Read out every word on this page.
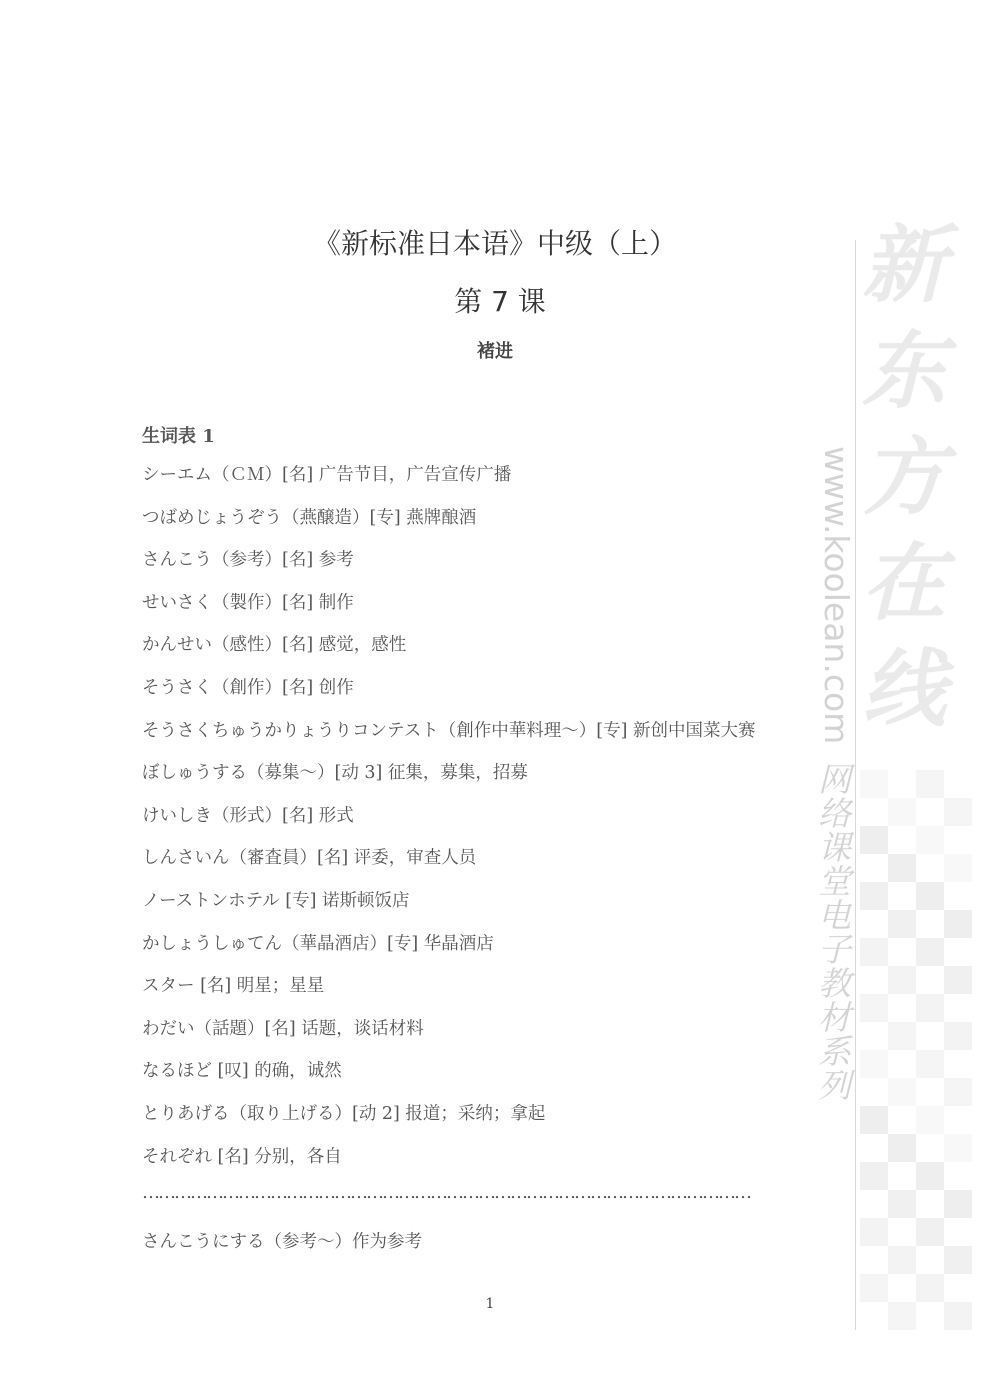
新东方在线
www.koolean.com
网络课堂电子教材系列
《新标准日本语》中级（上）
第 7 课
褚进
生词表 1
シーエム（ＣＭ）[名] 广告节目，广告宣传广播
つばめじょうぞう（燕醸造）[专] 燕牌酿酒
さんこう（参考）[名] 参考
せいさく（製作）[名] 制作
かんせい（感性）[名] 感觉，感性
そうさく（創作）[名] 创作
そうさくちゅうかりょうりコンテスト（創作中華料理～）[专] 新创中国菜大赛
ぼしゅうする（募集～）[动 3] 征集，募集，招募
けいしき（形式）[名] 形式
しんさいん（審査員）[名] 评委，审查人员
ノーストンホテル [专] 诺斯顿饭店
かしょうしゅてん（華晶酒店）[专] 华晶酒店
スター [名] 明星；星星
わだい（話題）[名] 话题，谈话材料
なるほど [叹] 的确，诚然
とりあげる（取り上げる）[动 2] 报道；采纳；拿起
それぞれ [名] 分别，各自
……………………………………………………………………………………………………
さんこうにする（参考～）作为参考
1
